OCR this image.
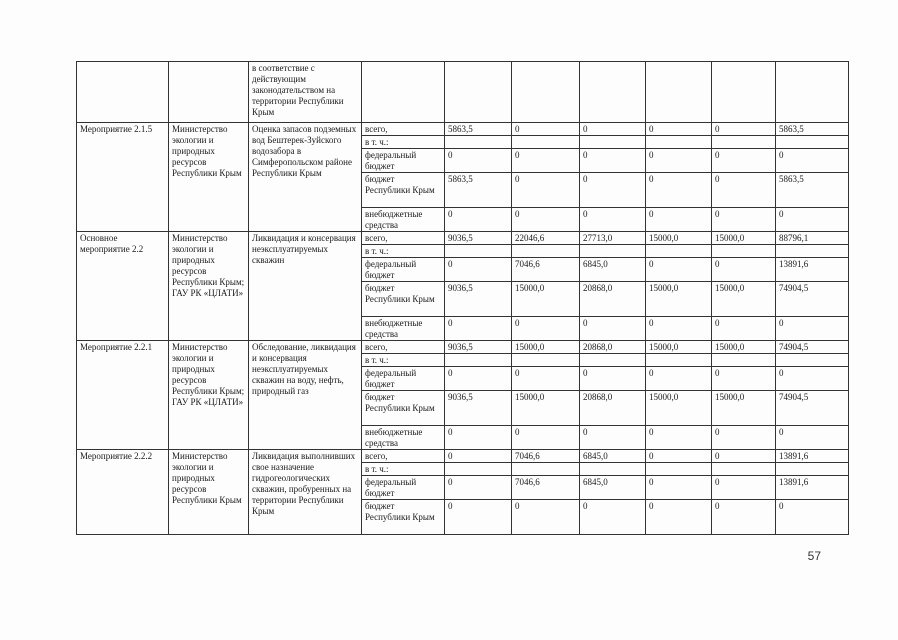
		в соответствие с действующим законодательством на территории Республики Крым							
Мероприятие 2.1.5	Министерство экологии и природных ресурсов Республики Крым	Оценка запасов подземных вод Бештерек-Зуйского водозабора в Симферопольском районе Республики Крым	всего,	5863,5	0	0	0	0	5863,5
			в т. ч.:						
			федеральный бюджет	0	0	0	0	0	0
			бюджет Республики Крым	5863,5	0	0	0	0	5863,5
			внебюджетные средства	0	0	0	0	0	0
Основное мероприятие 2.2	Министерство экологии и природных ресурсов Республики Крым; ГАУ РК «ЦЛАТИ»	Ликвидация и консервация неэксплуатируемых скважин	всего,	9036,5	22046,6	27713,0	15000,0	15000,0	88796,1
			в т. ч.:						
			федеральный бюджет	0	7046,6	6845,0	0	0	13891,6
			бюджет Республики Крым	9036,5	15000,0	20868,0	15000,0	15000,0	74904,5
			внебюджетные средства	0	0	0	0	0	0
Мероприятие 2.2.1	Министерство экологии и природных ресурсов Республики Крым; ГАУ РК «ЦЛАТИ»	Обследование, ликвидация и консервация неэксплуатируемых скважин на воду, нефть, природный газ	всего,	9036,5	15000,0	20868,0	15000,0	15000,0	74904,5
			в т. ч.:						
			федеральный бюджет	0	0	0	0	0	0
			бюджет Республики Крым	9036,5	15000,0	20868,0	15000,0	15000,0	74904,5
			внебюджетные средства	0	0	0	0	0	0
Мероприятие 2.2.2	Министерство экологии и природных ресурсов Республики Крым	Ликвидация выполнивших свое назначение гидрогеологических скважин, пробуренных на территории Республики Крым	всего,	0	7046,6	6845,0	0	0	13891,6
			в т. ч.:						
			федеральный бюджет	0	7046,6	6845,0	0	0	13891,6
			бюджет Республики Крым	0	0	0	0	0	0
57
